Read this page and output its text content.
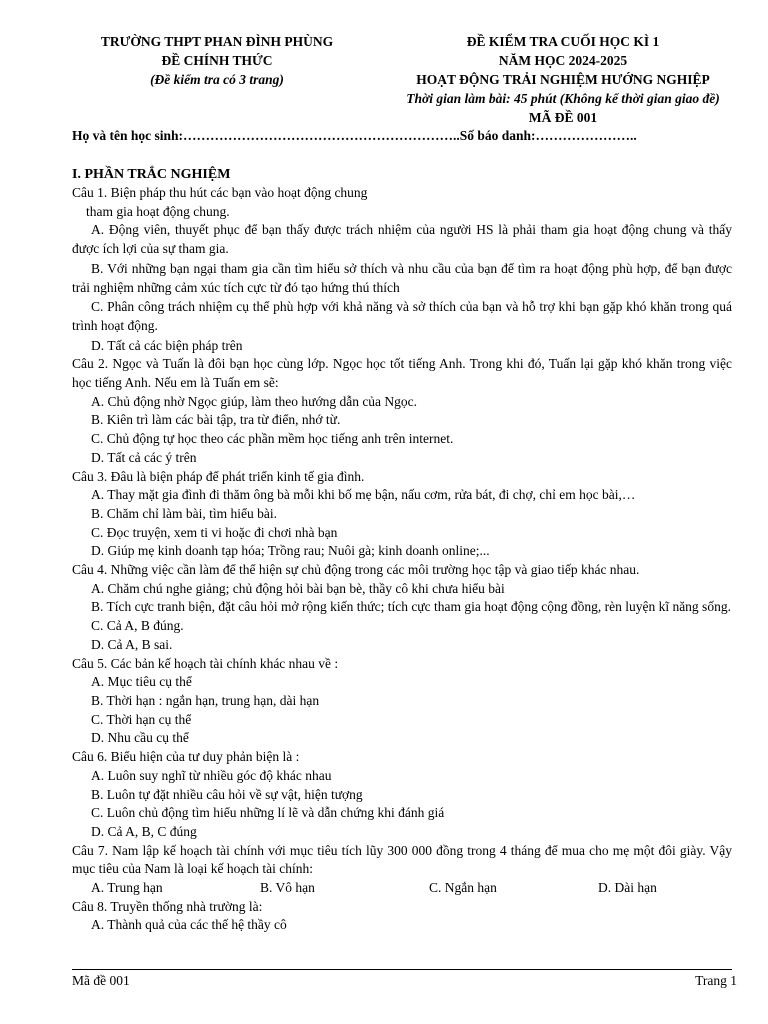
TRƯỜNG THPT PHAN ĐÌNH PHÙNG
ĐỀ CHÍNH THỨC
(Đề kiểm tra có 3 trang)
ĐỀ KIỂM TRA CUỐI HỌC KÌ 1
NĂM HỌC 2024-2025
HOẠT ĐỘNG TRẢI NGHIỆM HƯỚNG NGHIỆP
Thời gian làm bài: 45 phút (Không kể thời gian giao đề)
MÃ ĐỀ 001
Họ và tên học sinh:……………………………………………………..Số báo danh:…………………..
I. PHẦN TRẮC NGHIỆM

Câu 1. Biện pháp thu hút các bạn vào hoạt động chung

tham gia hoạt động chung.

A. Động viên, thuyết phục để bạn thấy được trách nhiệm của người HS là phải tham gia hoạt động chung và thấy được ích lợi của sự tham gia.

B. Với những bạn ngại tham gia cần tìm hiểu sở thích và nhu cầu của bạn để tìm ra hoạt động phù hợp, để bạn được trải nghiệm những cảm xúc tích cực từ đó tạo hứng thú thích

C. Phân công trách nhiệm cụ thể phù hợp với khả năng và sở thích của bạn và hỗ trợ khi bạn gặp khó khăn trong quá trình hoạt động.

D. Tất cả các biện pháp trên

Câu 2. Ngọc và Tuấn là đôi bạn học cùng lớp. Ngọc học tốt tiếng Anh. Trong khi đó, Tuấn lại gặp khó khăn trong việc học tiếng Anh. Nếu em là Tuấn em sẽ:

A. Chủ động nhờ Ngọc giúp, làm theo hướng dẫn của Ngọc.

B. Kiên trì làm các bài tập, tra từ điển, nhớ từ.

C. Chủ động tự học theo các phần mềm học tiếng anh trên internet.

D. Tất cả các ý trên

Câu 3. Đâu là biện pháp để phát triển kinh tế gia đình.

A. Thay mặt gia đình đi thăm ông bà mỗi khi bố mẹ bận, nấu cơm, rửa bát, đi chợ, chỉ em học bài,…

B. Chăm chỉ làm bài, tìm hiểu bài.

C. Đọc truyện, xem ti vi hoặc đi chơi nhà bạn

D. Giúp mẹ kinh doanh tạp hóa; Trồng rau; Nuôi gà; kinh doanh online;...

Câu 4. Những việc cần làm để thể hiện sự chủ động trong các môi trường học tập và giao tiếp khác nhau.

A. Chăm chú nghe giảng; chủ động hỏi bài bạn bè, thầy cô khi chưa hiểu bài

B. Tích cực tranh biện, đặt câu hỏi mở rộng kiến thức; tích cực tham gia hoạt động cộng đồng, rèn luyện kĩ năng sống.

C. Cả A, B đúng.

D. Cả A, B sai.

Câu 5. Các bản kế hoạch tài chính khác nhau về :

A. Mục tiêu cụ thể

B. Thời hạn : ngắn hạn, trung hạn, dài hạn

C. Thời hạn cụ thể

D. Nhu cầu cụ thể

Câu 6. Biểu hiện của tư duy phản biện là :

A. Luôn suy nghĩ từ nhiều góc độ khác nhau

B. Luôn tự đặt nhiều câu hỏi về sự vật, hiện tượng

C. Luôn chủ động tìm hiểu những lí lẽ và dẫn chứng khi đánh giá

D. Cả A, B, C đúng

Câu 7. Nam lập kế hoạch tài chính với mục tiêu tích lũy 300 000 đồng trong 4 tháng để mua cho mẹ một đôi giày. Vậy mục tiêu của Nam là loại kế hoạch tài chính:

A. Trung hạn	B. Vô hạn	C. Ngắn hạn	D. Dài hạn

Câu 8. Truyền thống nhà trường là:

A. Thành quả của các thế hệ thầy cô

Mã đề 001	Trang 1
